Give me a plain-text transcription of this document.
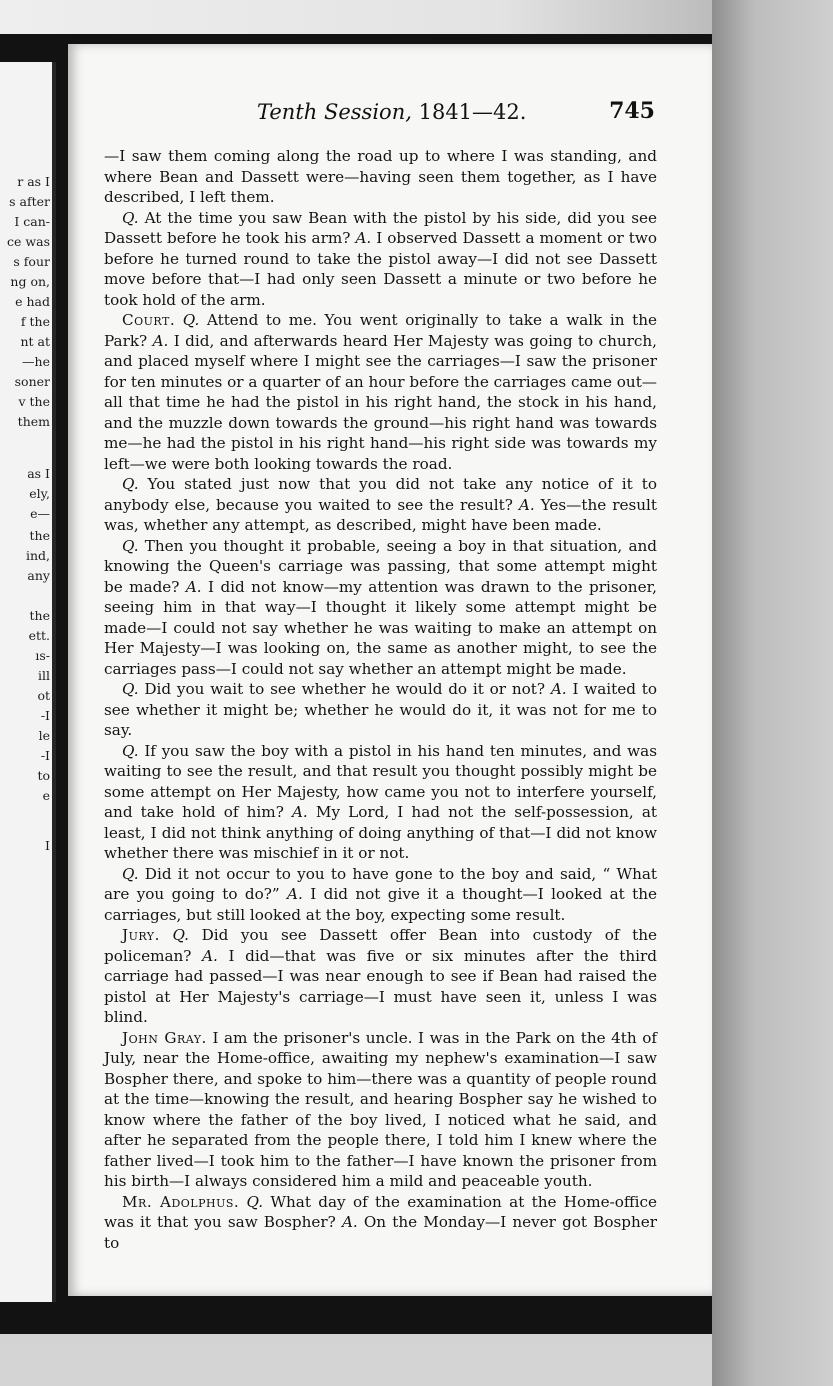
r as I
s after
I can-
ce was
s four
ng on,
e had
f the
nt at
—he
soner
v the
them
as I
ely,
e—
the
ind,
any
the
ett.
ıs-
ill
ot
-I
le
-I
to
e
I
Tenth Session, 1841—42.	745

—I saw them coming along the road up to where I was standing, and where Bean and Dassett were—having seen them together, as I have described, I left them.

Q. At the time you saw Bean with the pistol by his side, did you see Dassett before he took his arm? A. I observed Dassett a moment or two before he turned round to take the pistol away—I did not see Dassett move before that—I had only seen Dassett a minute or two before he took hold of the arm.

Court. Q. Attend to me. You went originally to take a walk in the Park? A. I did, and afterwards heard Her Majesty was going to church, and placed myself where I might see the carriages—I saw the prisoner for ten minutes or a quarter of an hour before the carriages came out—all that time he had the pistol in his right hand, the stock in his hand, and the muzzle down towards the ground—his right hand was towards me—he had the pistol in his right hand—his right side was towards my left—we were both looking towards the road.

Q. You stated just now that you did not take any notice of it to anybody else, because you waited to see the result? A. Yes—the result was, whether any attempt, as described, might have been made.

Q. Then you thought it probable, seeing a boy in that situation, and knowing the Queen's carriage was passing, that some attempt might be made? A. I did not know—my attention was drawn to the prisoner, seeing him in that way—I thought it likely some attempt might be made—I could not say whether he was waiting to make an attempt on Her Majesty—I was looking on, the same as another might, to see the carriages pass—I could not say whether an attempt might be made.

Q. Did you wait to see whether he would do it or not? A. I waited to see whether it might be; whether he would do it, it was not for me to say.

Q. If you saw the boy with a pistol in his hand ten minutes, and was waiting to see the result, and that result you thought possibly might be some attempt on Her Majesty, how came you not to interfere yourself, and take hold of him? A. My Lord, I had not the self-possession, at least, I did not think anything of doing anything of that—I did not know whether there was mischief in it or not.

Q. Did it not occur to you to have gone to the boy and said, “ What are you going to do?” A. I did not give it a thought—I looked at the carriages, but still looked at the boy, expecting some result.

Jury. Q. Did you see Dassett offer Bean into custody of the policeman? A. I did—that was five or six minutes after the third carriage had passed—I was near enough to see if Bean had raised the pistol at Her Majesty's carriage—I must have seen it, unless I was blind.

John Gray. I am the prisoner's uncle. I was in the Park on the 4th of July, near the Home-office, awaiting my nephew's examination—I saw Bospher there, and spoke to him—there was a quantity of people round at the time—knowing the result, and hearing Bospher say he wished to know where the father of the boy lived, I noticed what he said, and after he separated from the people there, I told him I knew where the father lived—I took him to the father—I have known the prisoner from his birth—I always considered him a mild and peaceable youth.

Mr. Adolphus. Q. What day of the examination at the Home-office was it that you saw Bospher? A. On the Monday—I never got Bospher to
